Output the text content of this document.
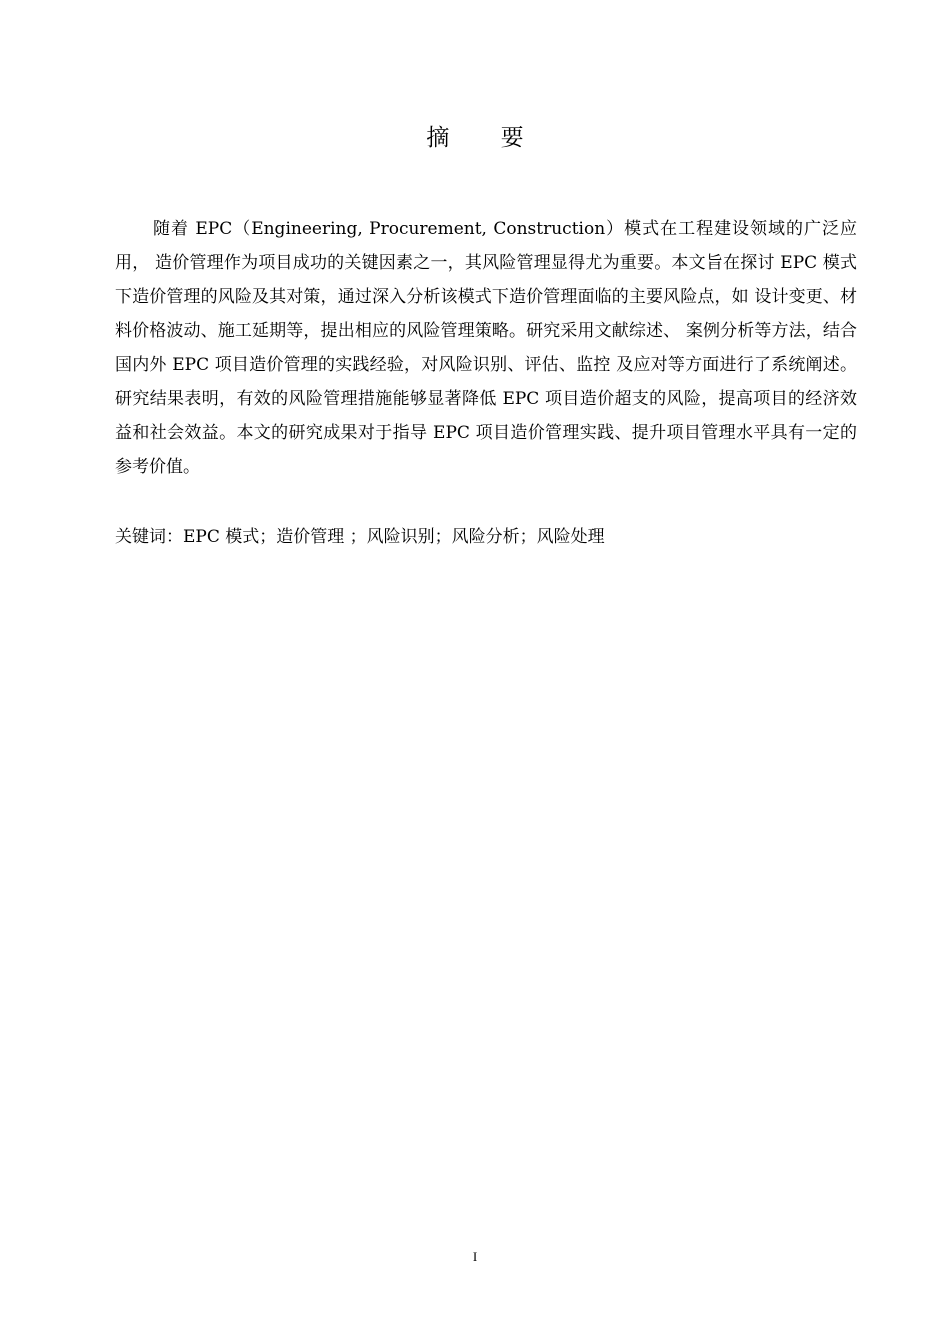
摘 要

随着 EPC（Engineering, Procurement, Construction）模式在工程建设领域的广泛应用， 造价管理作为项目成功的关键因素之一，其风险管理显得尤为重要。本文旨在探讨 EPC 模式下造价管理的风险及其对策，通过深入分析该模式下造价管理面临的主要风险点，如 设计变更、材料价格波动、施工延期等，提出相应的风险管理策略。研究采用文献综述、 案例分析等方法，结合国内外 EPC 项目造价管理的实践经验，对风险识别、评估、监控 及应对等方面进行了系统阐述。研究结果表明，有效的风险管理措施能够显著降低 EPC 项目造价超支的风险，提高项目的经济效益和社会效益。本文的研究成果对于指导 EPC 项目造价管理实践、提升项目管理水平具有一定的参考价值。

关键词：EPC 模式；造价管理 ；风险识别；风险分析；风险处理
I
